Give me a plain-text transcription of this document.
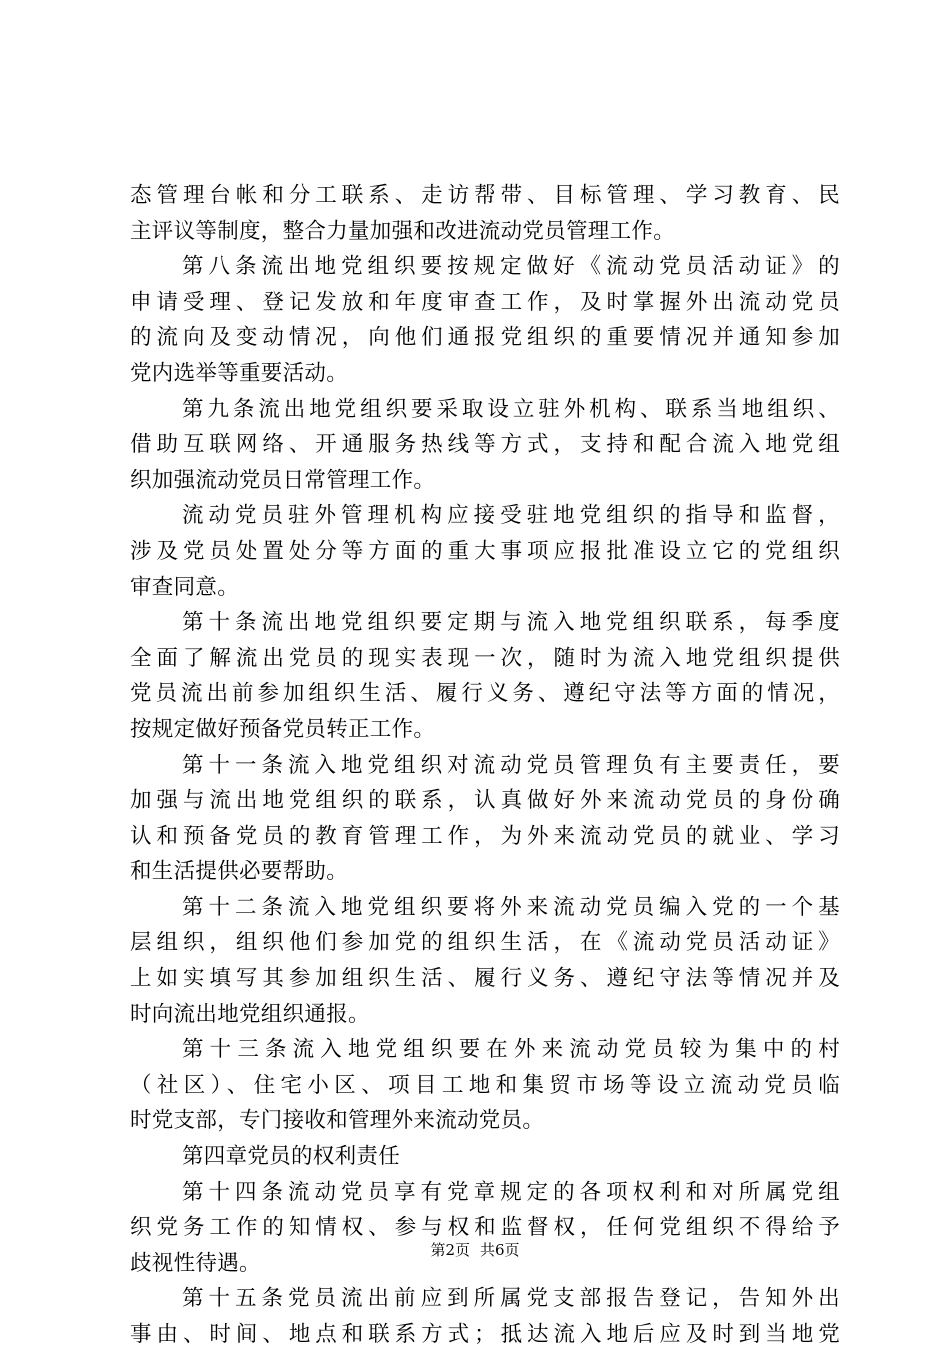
态管理台帐和分工联系、走访帮带、目标管理、学习教育、民
主评议等制度，整合力量加强和改进流动党员管理工作。
第八条流出地党组织要按规定做好《流动党员活动证》的
申请受理、登记发放和年度审查工作，及时掌握外出流动党员
的流向及变动情况，向他们通报党组织的重要情况并通知参加
党内选举等重要活动。
第九条流出地党组织要采取设立驻外机构、联系当地组织、
借助互联网络、开通服务热线等方式，支持和配合流入地党组
织加强流动党员日常管理工作。
流动党员驻外管理机构应接受驻地党组织的指导和监督，
涉及党员处置处分等方面的重大事项应报批准设立它的党组织
审查同意。
第十条流出地党组织要定期与流入地党组织联系，每季度
全面了解流出党员的现实表现一次，随时为流入地党组织提供
党员流出前参加组织生活、履行义务、遵纪守法等方面的情况，
按规定做好预备党员转正工作。
第十一条流入地党组织对流动党员管理负有主要责任，要
加强与流出地党组织的联系，认真做好外来流动党员的身份确
认和预备党员的教育管理工作，为外来流动党员的就业、学习
和生活提供必要帮助。
第十二条流入地党组织要将外来流动党员编入党的一个基
层组织，组织他们参加党的组织生活，在《流动党员活动证》
上如实填写其参加组织生活、履行义务、遵纪守法等情况并及
时向流出地党组织通报。
第十三条流入地党组织要在外来流动党员较为集中的村
（社区）、住宅小区、项目工地和集贸市场等设立流动党员临
时党支部，专门接收和管理外来流动党员。
第四章党员的权利责任
第十四条流动党员享有党章规定的各项权利和对所属党组
织党务工作的知情权、参与权和监督权，任何党组织不得给予
歧视性待遇。
第十五条党员流出前应到所属党支部报告登记，告知外出
事由、时间、地点和联系方式；抵达流入地后应及时到当地党
第2页 共6页
